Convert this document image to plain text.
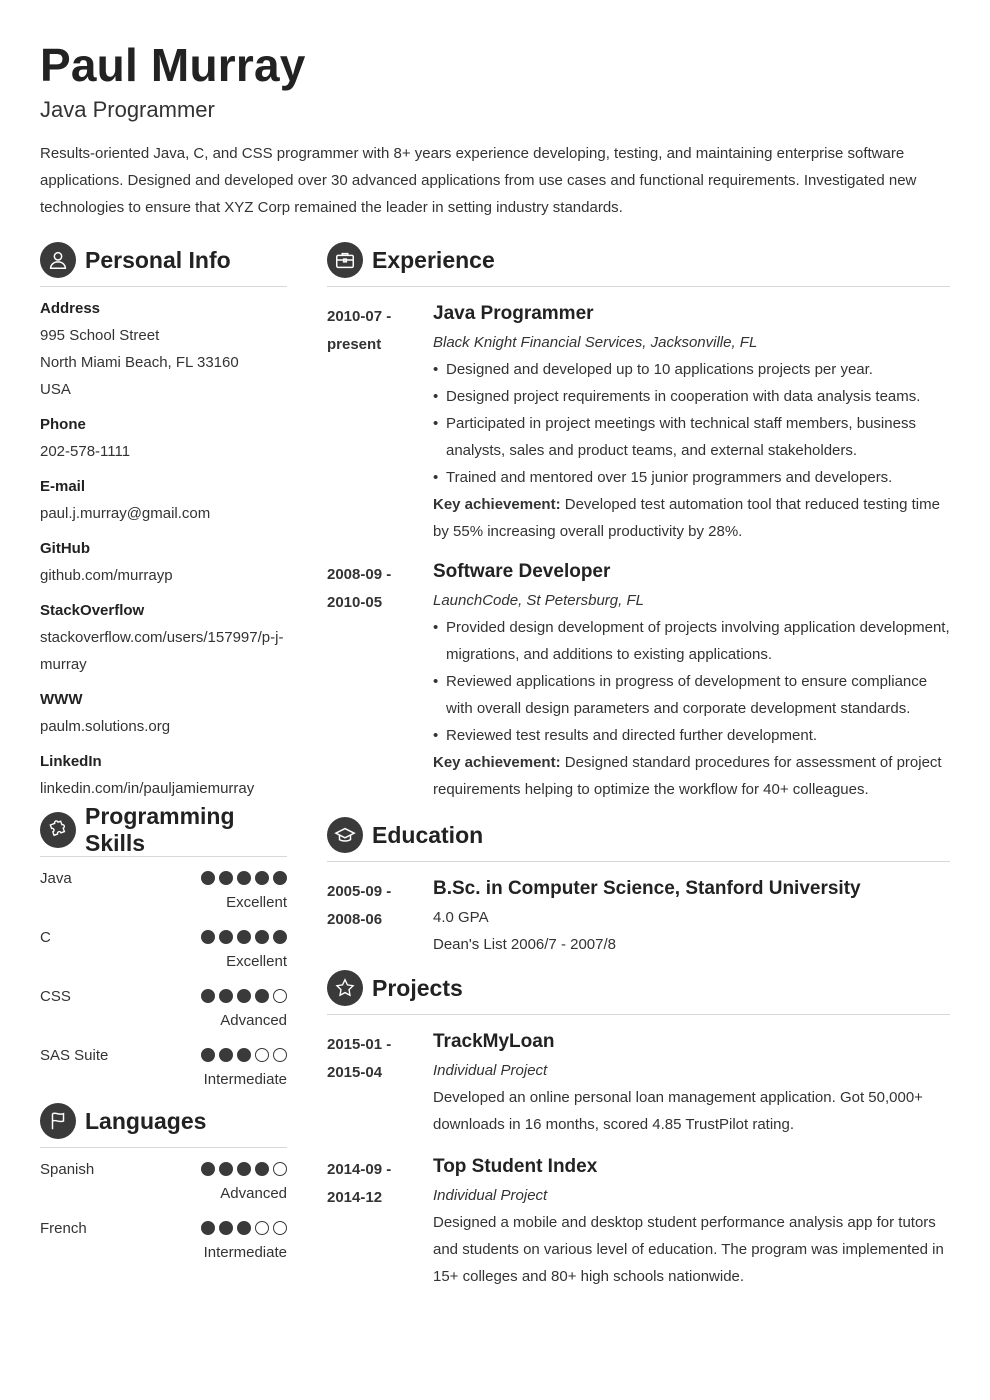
Paul Murray
Java Programmer

Results-oriented Java, C, and CSS programmer with 8+ years experience developing, testing, and maintaining enterprise software applications. Designed and developed over 30 advanced applications from use cases and functional requirements. Investigated new technologies to ensure that XYZ Corp remained the leader in setting industry standards.

Personal Info
Address
995 School Street
North Miami Beach, FL 33160
USA
Phone
202-578-1111
E-mail
paul.j.murray@gmail.com
GitHub
github.com/murrayp
StackOverflow
stackoverflow.com/users/157997/p-j-
murray
WWW
paulm.solutions.org
LinkedIn
linkedin.com/in/pauljamiemurray
Programming Skills
Java
Excellent
C
Excellent
CSS
Advanced
SAS Suite
Intermediate
Languages
Spanish
Advanced
French
Intermediate
Experience
2010-07 -
present
Java Programmer
Black Knight Financial Services, Jacksonville, FL
• Designed and developed up to 10 applications projects per year.
• Designed project requirements in cooperation with data analysis teams.
• Participated in project meetings with technical staff members, business analysts, sales and product teams, and external stakeholders.
• Trained and mentored over 15 junior programmers and developers.
Key achievement: Developed test automation tool that reduced testing time by 55% increasing overall productivity by 28%.
2008-09 -
2010-05
Software Developer
LaunchCode, St Petersburg, FL
• Provided design development of projects involving application development, migrations, and additions to existing applications.
• Reviewed applications in progress of development to ensure compliance with overall design parameters and corporate development standards.
• Reviewed test results and directed further development.
Key achievement: Designed standard procedures for assessment of project requirements helping to optimize the workflow for 40+ colleagues.
Education
2005-09 -
2008-06
B.Sc. in Computer Science, Stanford University
4.0 GPA
Dean's List 2006/7 - 2007/8
Projects
2015-01 -
2015-04
TrackMyLoan
Individual Project
Developed an online personal loan management application. Got 50,000+ downloads in 16 months, scored 4.85 TrustPilot rating.
2014-09 -
2014-12
Top Student Index
Individual Project
Designed a mobile and desktop student performance analysis app for tutors and students on various level of education. The program was implemented in 15+ colleges and 80+ high schools nationwide.
